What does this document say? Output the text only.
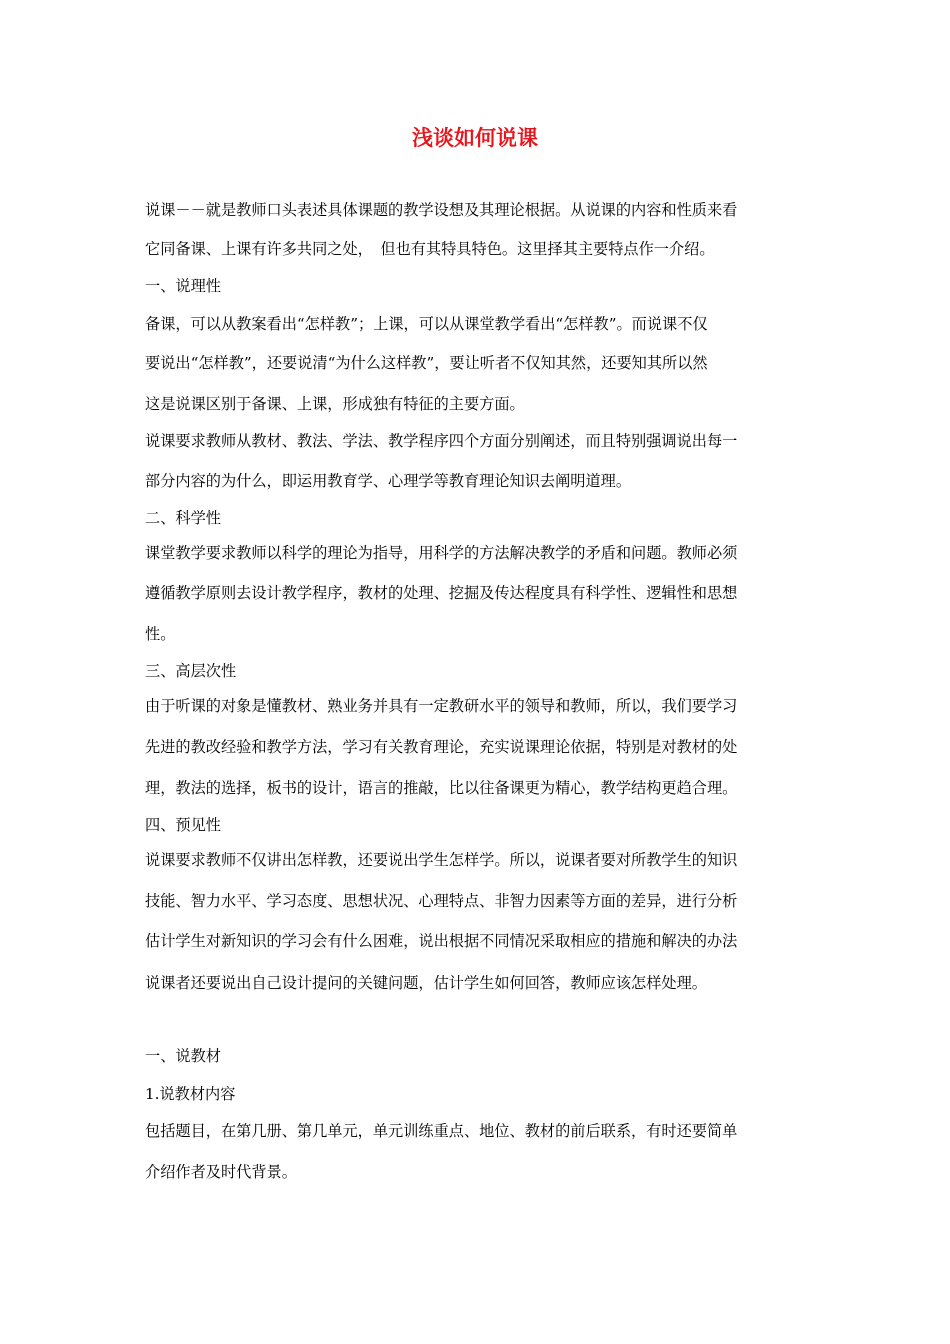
浅谈如何说课
说课－－就是教师口头表述具体课题的教学设想及其理论根据。从说课的内容和性质来看
它同备课、上课有许多共同之处，　但也有其特具特色。这里择其主要特点作一介绍。
一、说理性
备课，可以从教案看出“怎样教”；上课，可以从课堂教学看出“怎样教”。而说课不仅
要说出“怎样教”，还要说清“为什么这样教”，要让听者不仅知其然，还要知其所以然
这是说课区别于备课、上课，形成独有特征的主要方面。
说课要求教师从教材、教法、学法、教学程序四个方面分别阐述，而且特别强调说出每一
部分内容的为什么，即运用教育学、心理学等教育理论知识去阐明道理。
二、科学性
课堂教学要求教师以科学的理论为指导，用科学的方法解决教学的矛盾和问题。教师必须
遵循教学原则去设计教学程序，教材的处理、挖掘及传达程度具有科学性、逻辑性和思想
性。
三、高层次性
由于听课的对象是懂教材、熟业务并具有一定教研水平的领导和教师，所以，我们要学习
先进的教改经验和教学方法，学习有关教育理论，充实说课理论依据，特别是对教材的处
理，教法的选择，板书的设计，语言的推敲，比以往备课更为精心，教学结构更趋合理。
四、预见性
说课要求教师不仅讲出怎样教，还要说出学生怎样学。所以，说课者要对所教学生的知识
技能、智力水平、学习态度、思想状况、心理特点、非智力因素等方面的差异，进行分析
估计学生对新知识的学习会有什么困难，说出根据不同情况采取相应的措施和解决的办法
说课者还要说出自己设计提问的关键问题，估计学生如何回答，教师应该怎样处理。
一、说教材
1.说教材内容
包括题目，在第几册、第几单元，单元训练重点、地位、教材的前后联系，有时还要简单
介绍作者及时代背景。
